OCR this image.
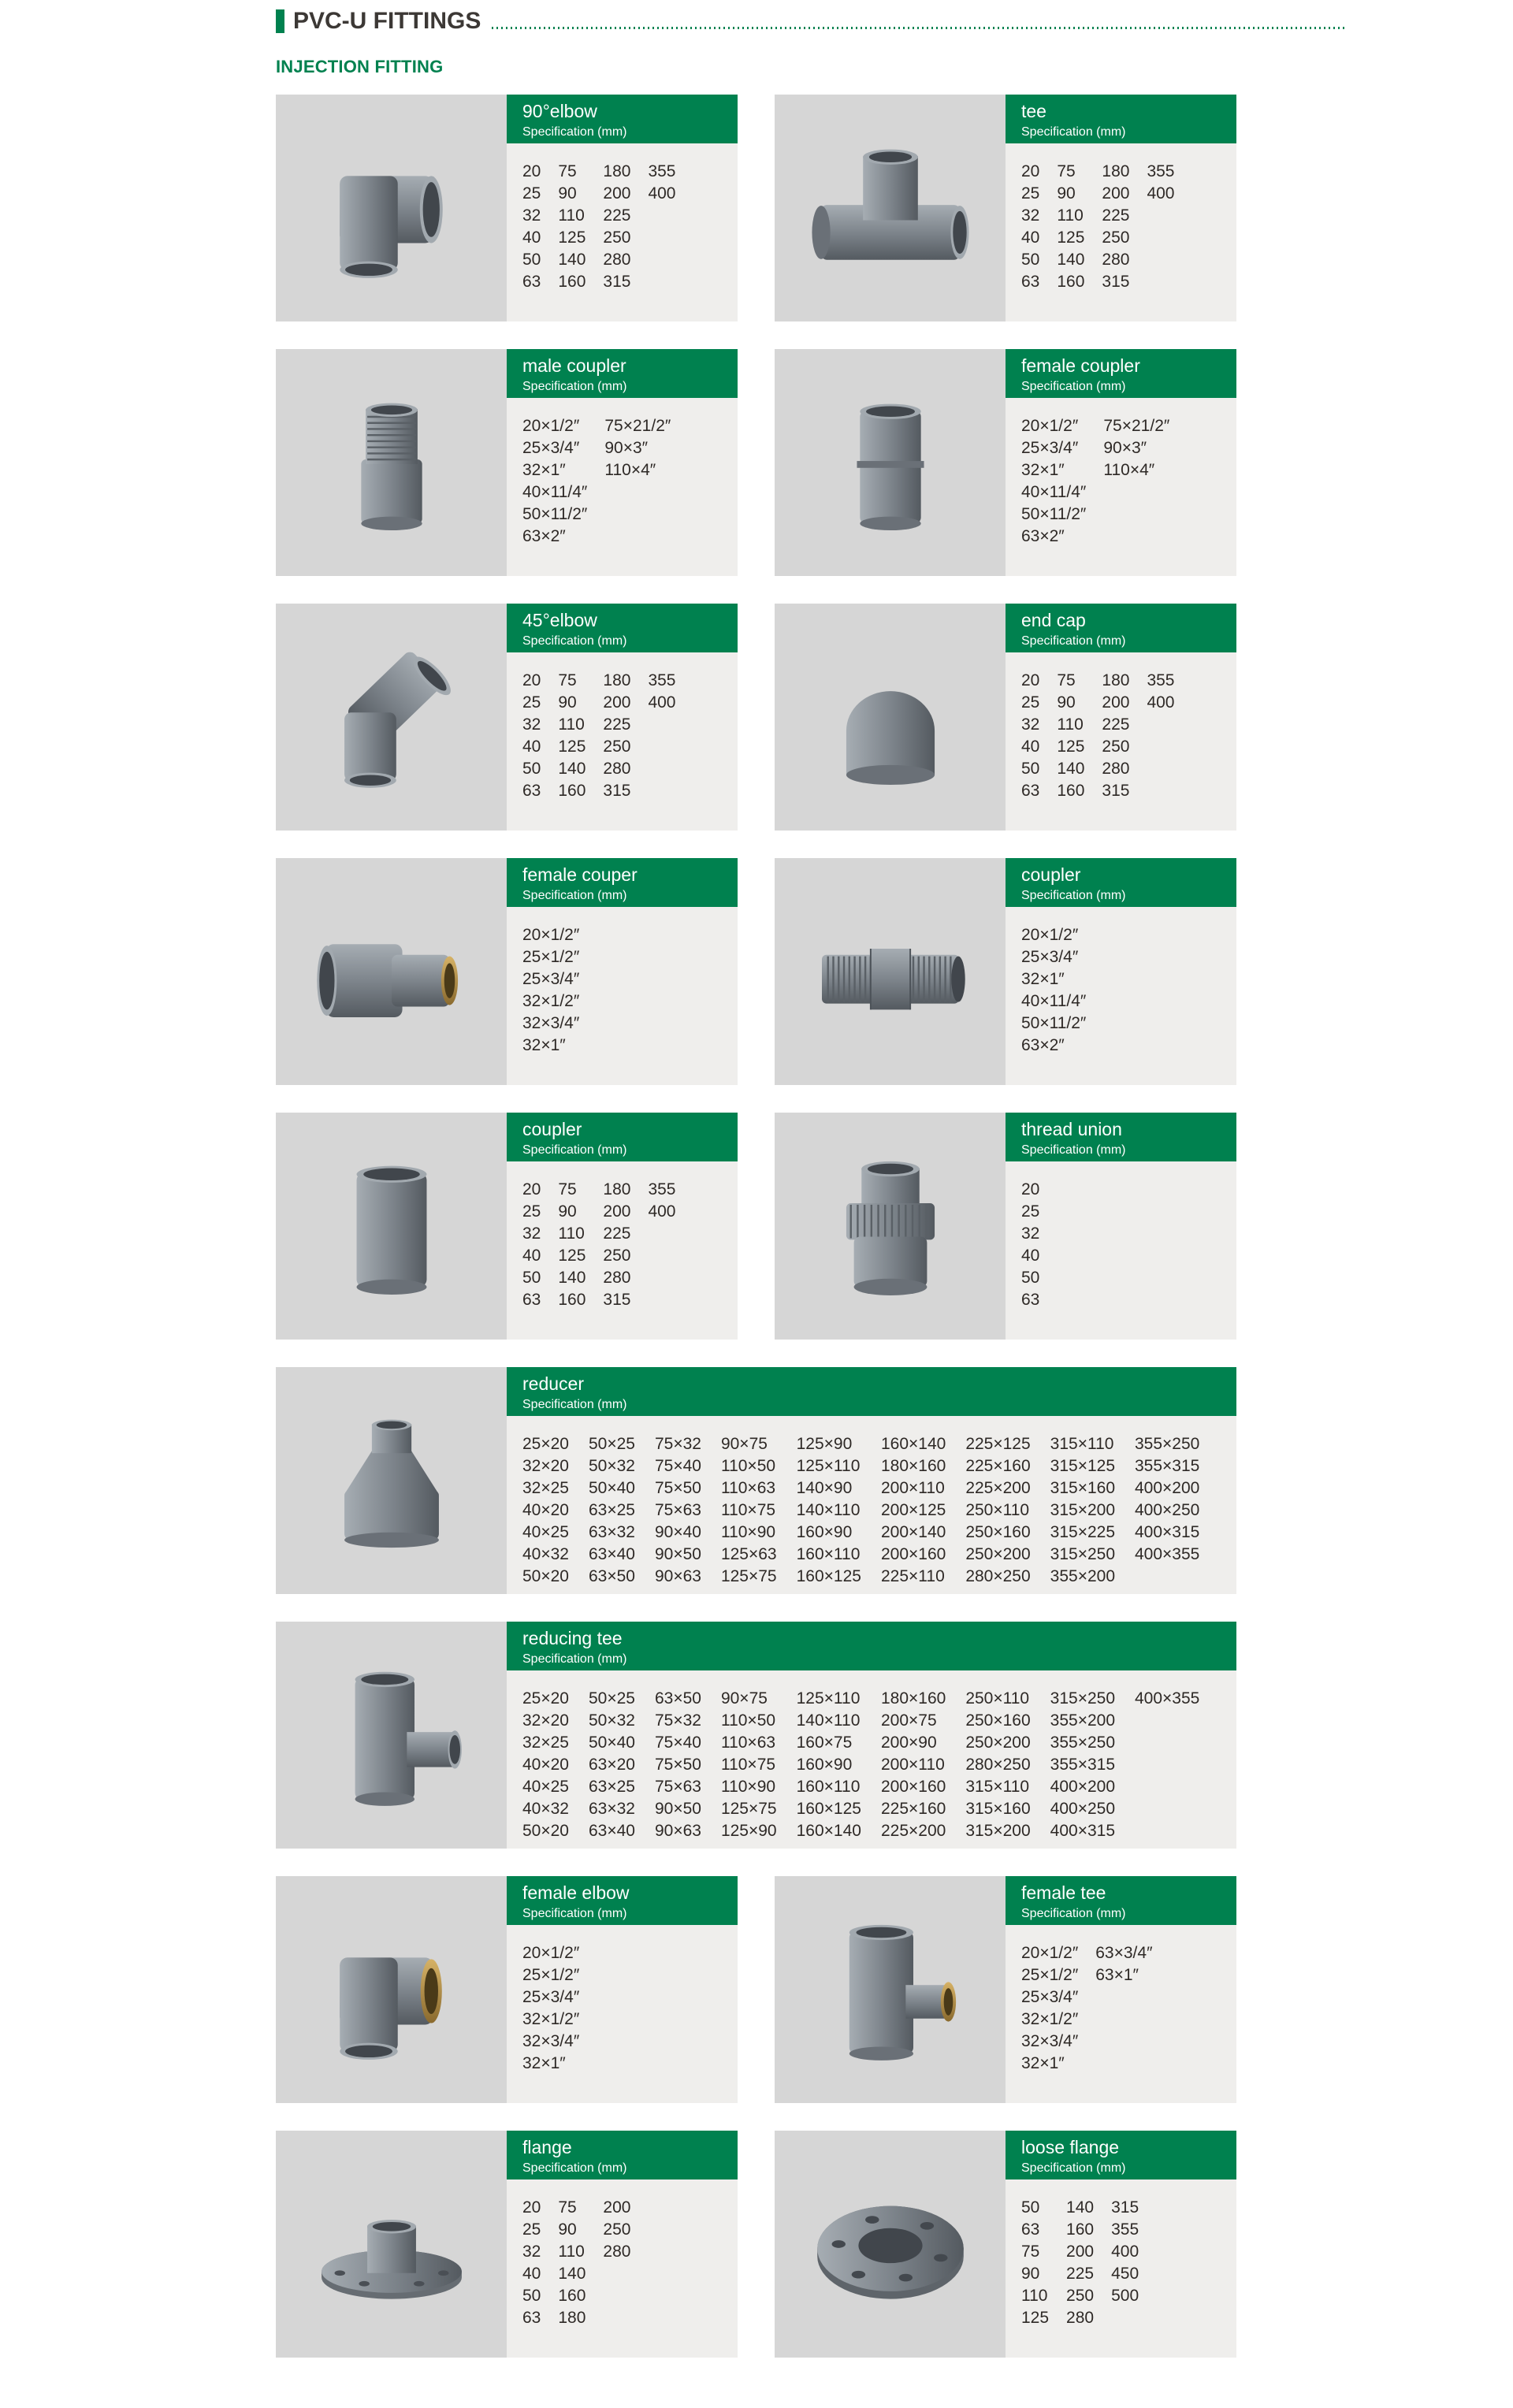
PVC-U FITTINGS
INJECTION FITTING
90°elbow
Specification (mm)
20
25
32
40
50
63
75
90
110
125
140
160
180
200
225
250
280
315
355
400
tee
Specification (mm)
20
25
32
40
50
63
75
90
110
125
140
160
180
200
225
250
280
315
355
400
male coupler
Specification (mm)
20×1/2″
25×3/4″
32×1″
40×11/4″
50×11/2″
63×2″
75×21/2″
90×3″
110×4″
female coupler
Specification (mm)
20×1/2″
25×3/4″
32×1″
40×11/4″
50×11/2″
63×2″
75×21/2″
90×3″
110×4″
45°elbow
Specification (mm)
20
25
32
40
50
63
75
90
110
125
140
160
180
200
225
250
280
315
355
400
end cap
Specification (mm)
20
25
32
40
50
63
75
90
110
125
140
160
180
200
225
250
280
315
355
400
female couper
Specification (mm)
20×1/2″
25×1/2″
25×3/4″
32×1/2″
32×3/4″
32×1″
coupler
Specification (mm)
20×1/2″
25×3/4″
32×1″
40×11/4″
50×11/2″
63×2″
coupler
Specification (mm)
20
25
32
40
50
63
75
90
110
125
140
160
180
200
225
250
280
315
355
400
thread union
Specification (mm)
20
25
32
40
50
63
reducer
Specification (mm)
25×20
32×20
32×25
40×20
40×25
40×32
50×20
50×25
50×32
50×40
63×25
63×32
63×40
63×50
75×32
75×40
75×50
75×63
90×40
90×50
90×63
90×75
110×50
110×63
110×75
110×90
125×63
125×75
125×90
125×110
140×90
140×110
160×90
160×110
160×125
160×140
180×160
200×110
200×125
200×140
200×160
225×110
225×125
225×160
225×200
250×110
250×160
250×200
280×250
315×110
315×125
315×160
315×200
315×225
315×250
355×200
355×250
355×315
400×200
400×250
400×315
400×355
reducing tee
Specification (mm)
25×20
32×20
32×25
40×20
40×25
40×32
50×20
50×25
50×32
50×40
63×20
63×25
63×32
63×40
63×50
75×32
75×40
75×50
75×63
90×50
90×63
90×75
110×50
110×63
110×75
110×90
125×75
125×90
125×110
140×110
160×75
160×90
160×110
160×125
160×140
180×160
200×75
200×90
200×110
200×160
225×160
225×200
250×110
250×160
250×200
280×250
315×110
315×160
315×200
315×250
355×200
355×250
355×315
400×200
400×250
400×315
400×355
female elbow
Specification (mm)
20×1/2″
25×1/2″
25×3/4″
32×1/2″
32×3/4″
32×1″
female tee
Specification (mm)
20×1/2″
25×1/2″
25×3/4″
32×1/2″
32×3/4″
32×1″
63×3/4″
63×1″
flange
Specification (mm)
20
25
32
40
50
63
75
90
110
140
160
180
200
250
280
loose flange
Specification (mm)
50
63
75
90
110
125
140
160
200
225
250
280
315
355
400
450
500
